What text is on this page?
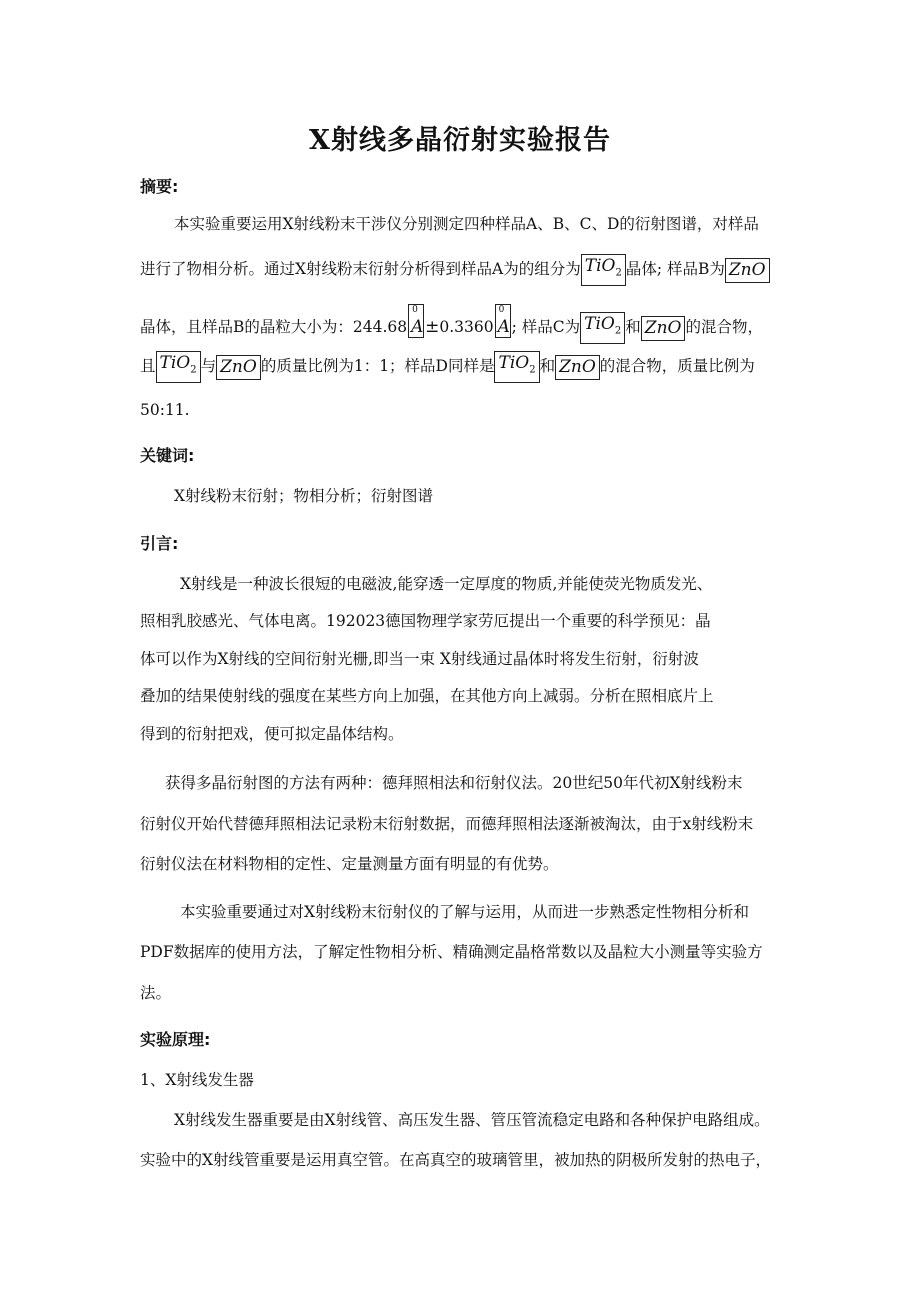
X射线多晶衍射实验报告
摘要:
本实验重要运用X射线粉末干涉仪分别测定四种样品A、B、C、D的衍射图谱，对样品
进行了物相分析。通过X射线粉末衍射分析得到样品A为的组分为 TiO$_2$ 晶体; 样品B为 ZnO
晶体，且样品B的晶粒大小为：244.68
0
A ±0.3360
0
A ; 样品C为 TiO$_2$ 和 ZnO 的混合物，
且 TiO$_2$ 与 ZnO 的质量比例为1：1；样品D同样是 TiO$_2$ 和 ZnO 的混合物，质量比例为
50:11.
关键词:
X射线粉末衍射；物相分析；衍射图谱
引言:
X射线是一种波长很短的电磁波,能穿透一定厚度的物质,并能使荧光物质发光、
照相乳胶感光、气体电离。192023德国物理学家劳厄提出一个重要的科学预见：晶
体可以作为X射线的空间衍射光栅,即当一束 X射线通过晶体时将发生衍射，衍射波
叠加的结果使射线的强度在某些方向上加强，在其他方向上减弱。分析在照相底片上
得到的衍射把戏，便可拟定晶体结构。
获得多晶衍射图的方法有两种：德拜照相法和衍射仪法。20世纪50年代初X射线粉末
衍射仪开始代替德拜照相法记录粉末衍射数据，而德拜照相法逐渐被淘汰，由于x射线粉末
衍射仪法在材料物相的定性、定量测量方面有明显的有优势。
本实验重要通过对X射线粉末衍射仪的了解与运用，从而进一步熟悉定性物相分析和
PDF数据库的使用方法，了解定性物相分析、精确测定晶格常数以及晶粒大小测量等实验方
法。
实验原理:
1、X射线发生器
X射线发生器重要是由X射线管、高压发生器、管压管流稳定电路和各种保护电路组成。
实验中的X射线管重要是运用真空管。在高真空的玻璃管里，被加热的阴极所发射的热电子，
